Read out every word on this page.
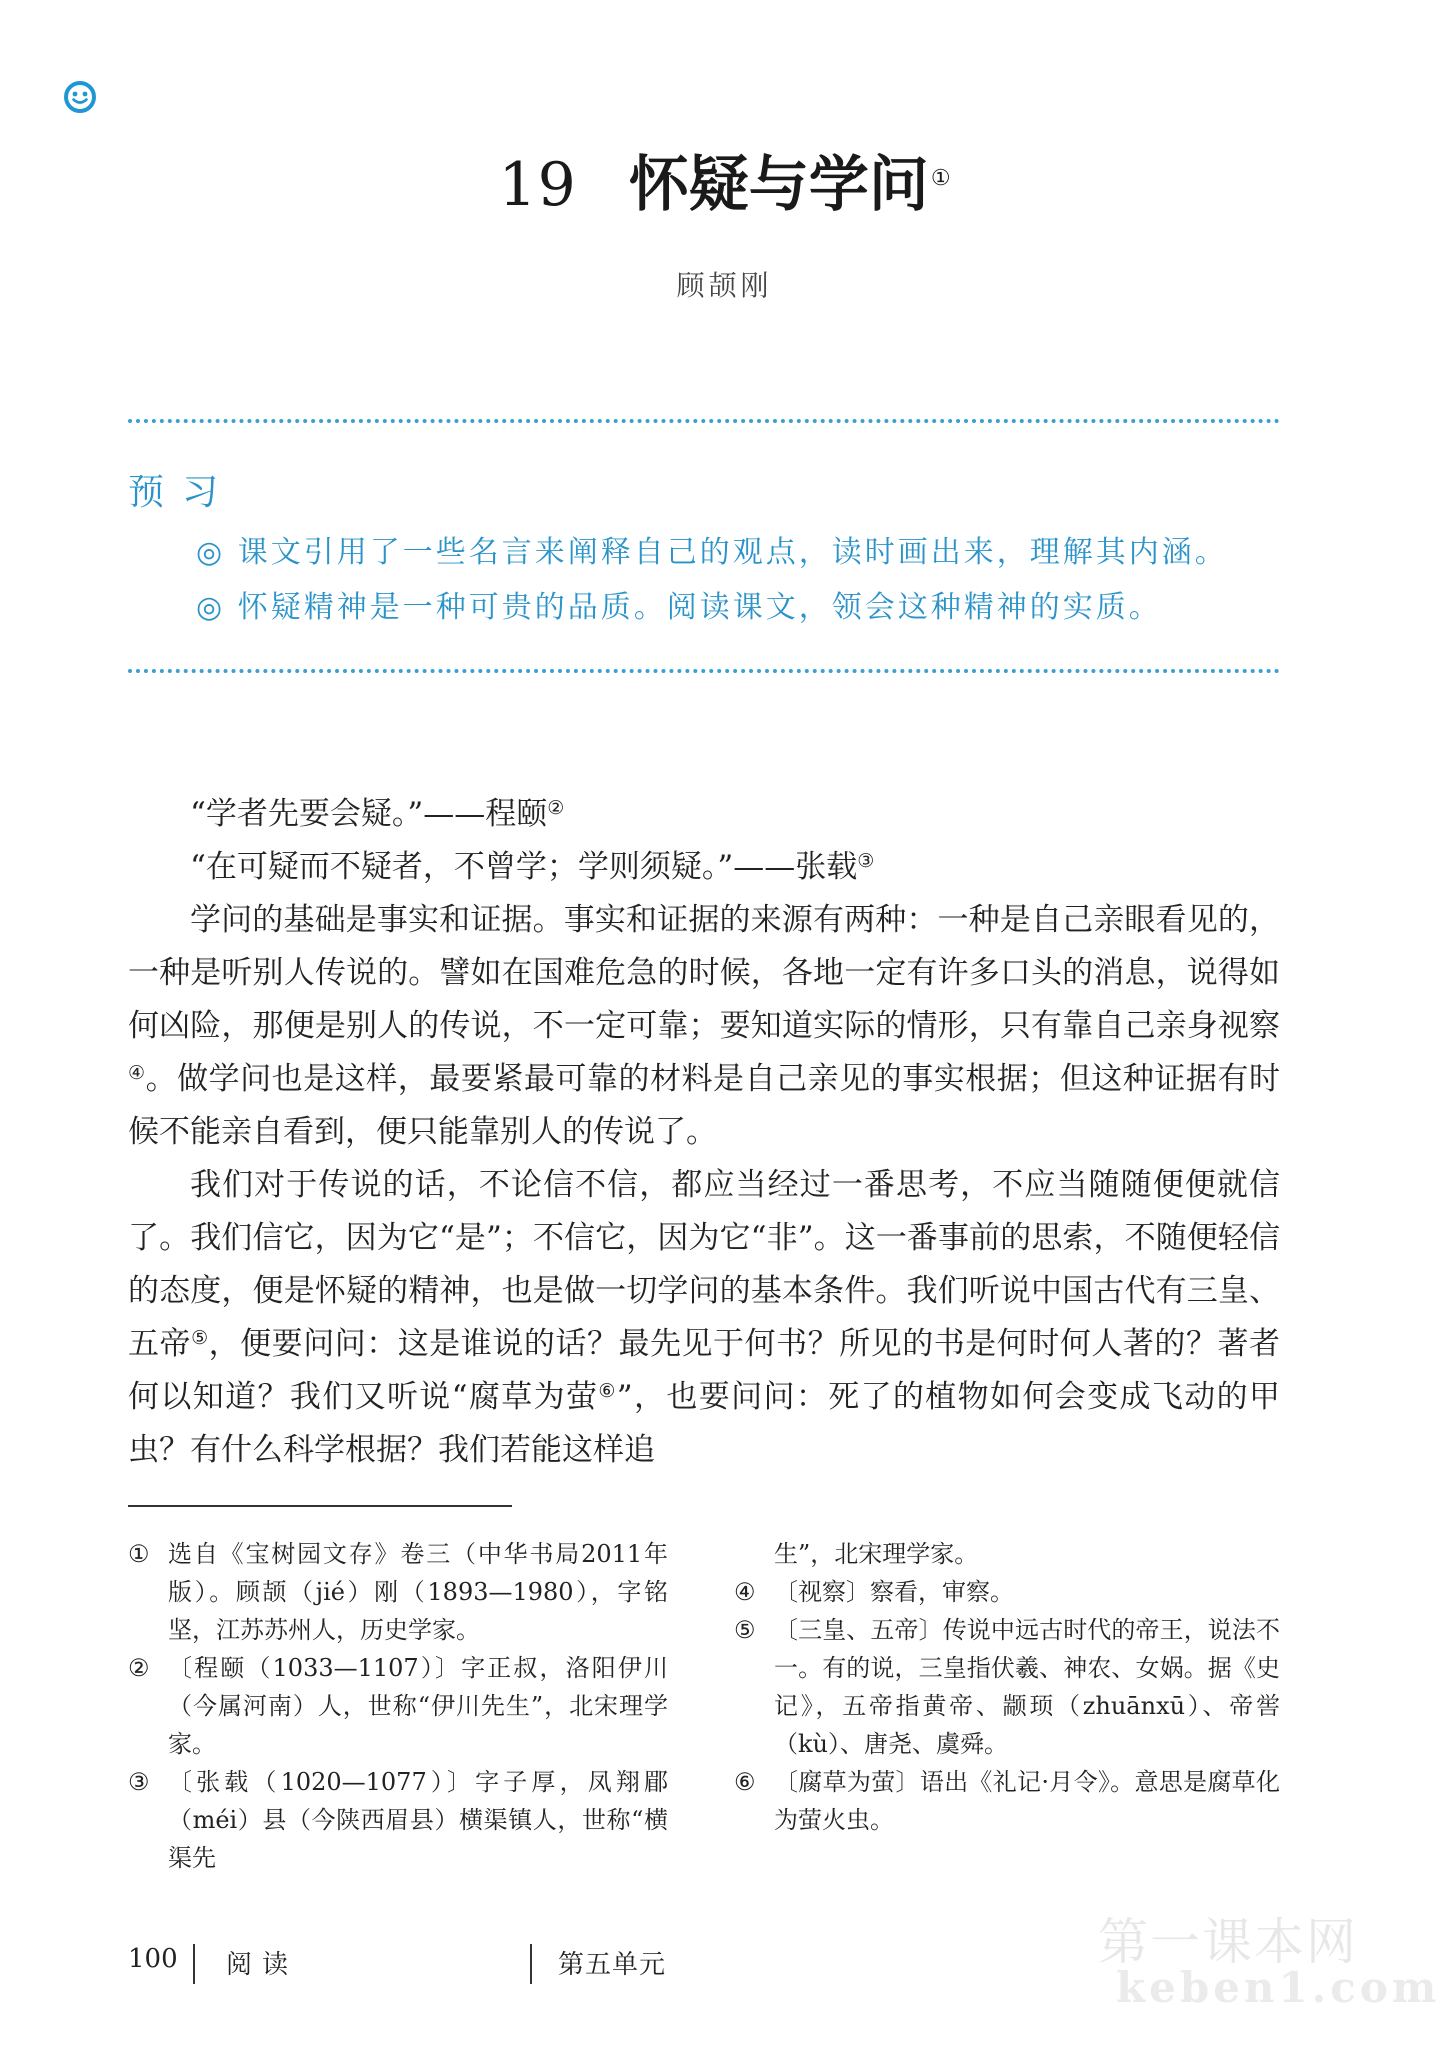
19 怀疑与学问①
顾颉刚
预习
◎ 课文引用了一些名言来阐释自己的观点，读时画出来，理解其内涵。
◎ 怀疑精神是一种可贵的品质。阅读课文，领会这种精神的实质。

“学者先要会疑。”——程颐②

“在可疑而不疑者，不曾学；学则须疑。”——张载③

学问的基础是事实和证据。事实和证据的来源有两种：一种是自己亲眼看见的，一种是听别人传说的。譬如在国难危急的时候，各地一定有许多口头的消息，说得如何凶险，那便是别人的传说，不一定可靠；要知道实际的情形，只有靠自己亲身视察④。做学问也是这样，最要紧最可靠的材料是自己亲见的事实根据；但这种证据有时候不能亲自看到，便只能靠别人的传说了。

我们对于传说的话，不论信不信，都应当经过一番思考，不应当随随便便就信了。我们信它，因为它“是”；不信它，因为它“非”。这一番事前的思索，不随便轻信的态度，便是怀疑的精神，也是做一切学问的基本条件。我们听说中国古代有三皇、五帝⑤，便要问问：这是谁说的话？最先见于何书？所见的书是何时何人著的？著者何以知道？我们又听说“腐草为萤⑥”，也要问问：死了的植物如何会变成飞动的甲虫？有什么科学根据？我们若能这样追

① 选自《宝树园文存》卷三（中华书局2011年版）。顾颉（jié）刚（1893—1980），字铭坚，江苏苏州人，历史学家。
② 〔程颐（1033—1107）〕字正叔，洛阳伊川（今属河南）人，世称“伊川先生”，北宋理学家。
③ 〔张载（1020—1077）〕字子厚，凤翔郿（méi）县（今陕西眉县）横渠镇人，世称“横渠先
生”，北宋理学家。
④ 〔视察〕察看，审察。
⑤ 〔三皇、五帝〕传说中远古时代的帝王，说法不一。有的说，三皇指伏羲、神农、女娲。据《史记》，五帝指黄帝、颛顼（zhuānxū）、帝喾（kù）、唐尧、虞舜。
⑥ 〔腐草为萤〕语出《礼记·月令》。意思是腐草化为萤火虫。
100 阅读	第五单元	第一课本网
keben1.com
